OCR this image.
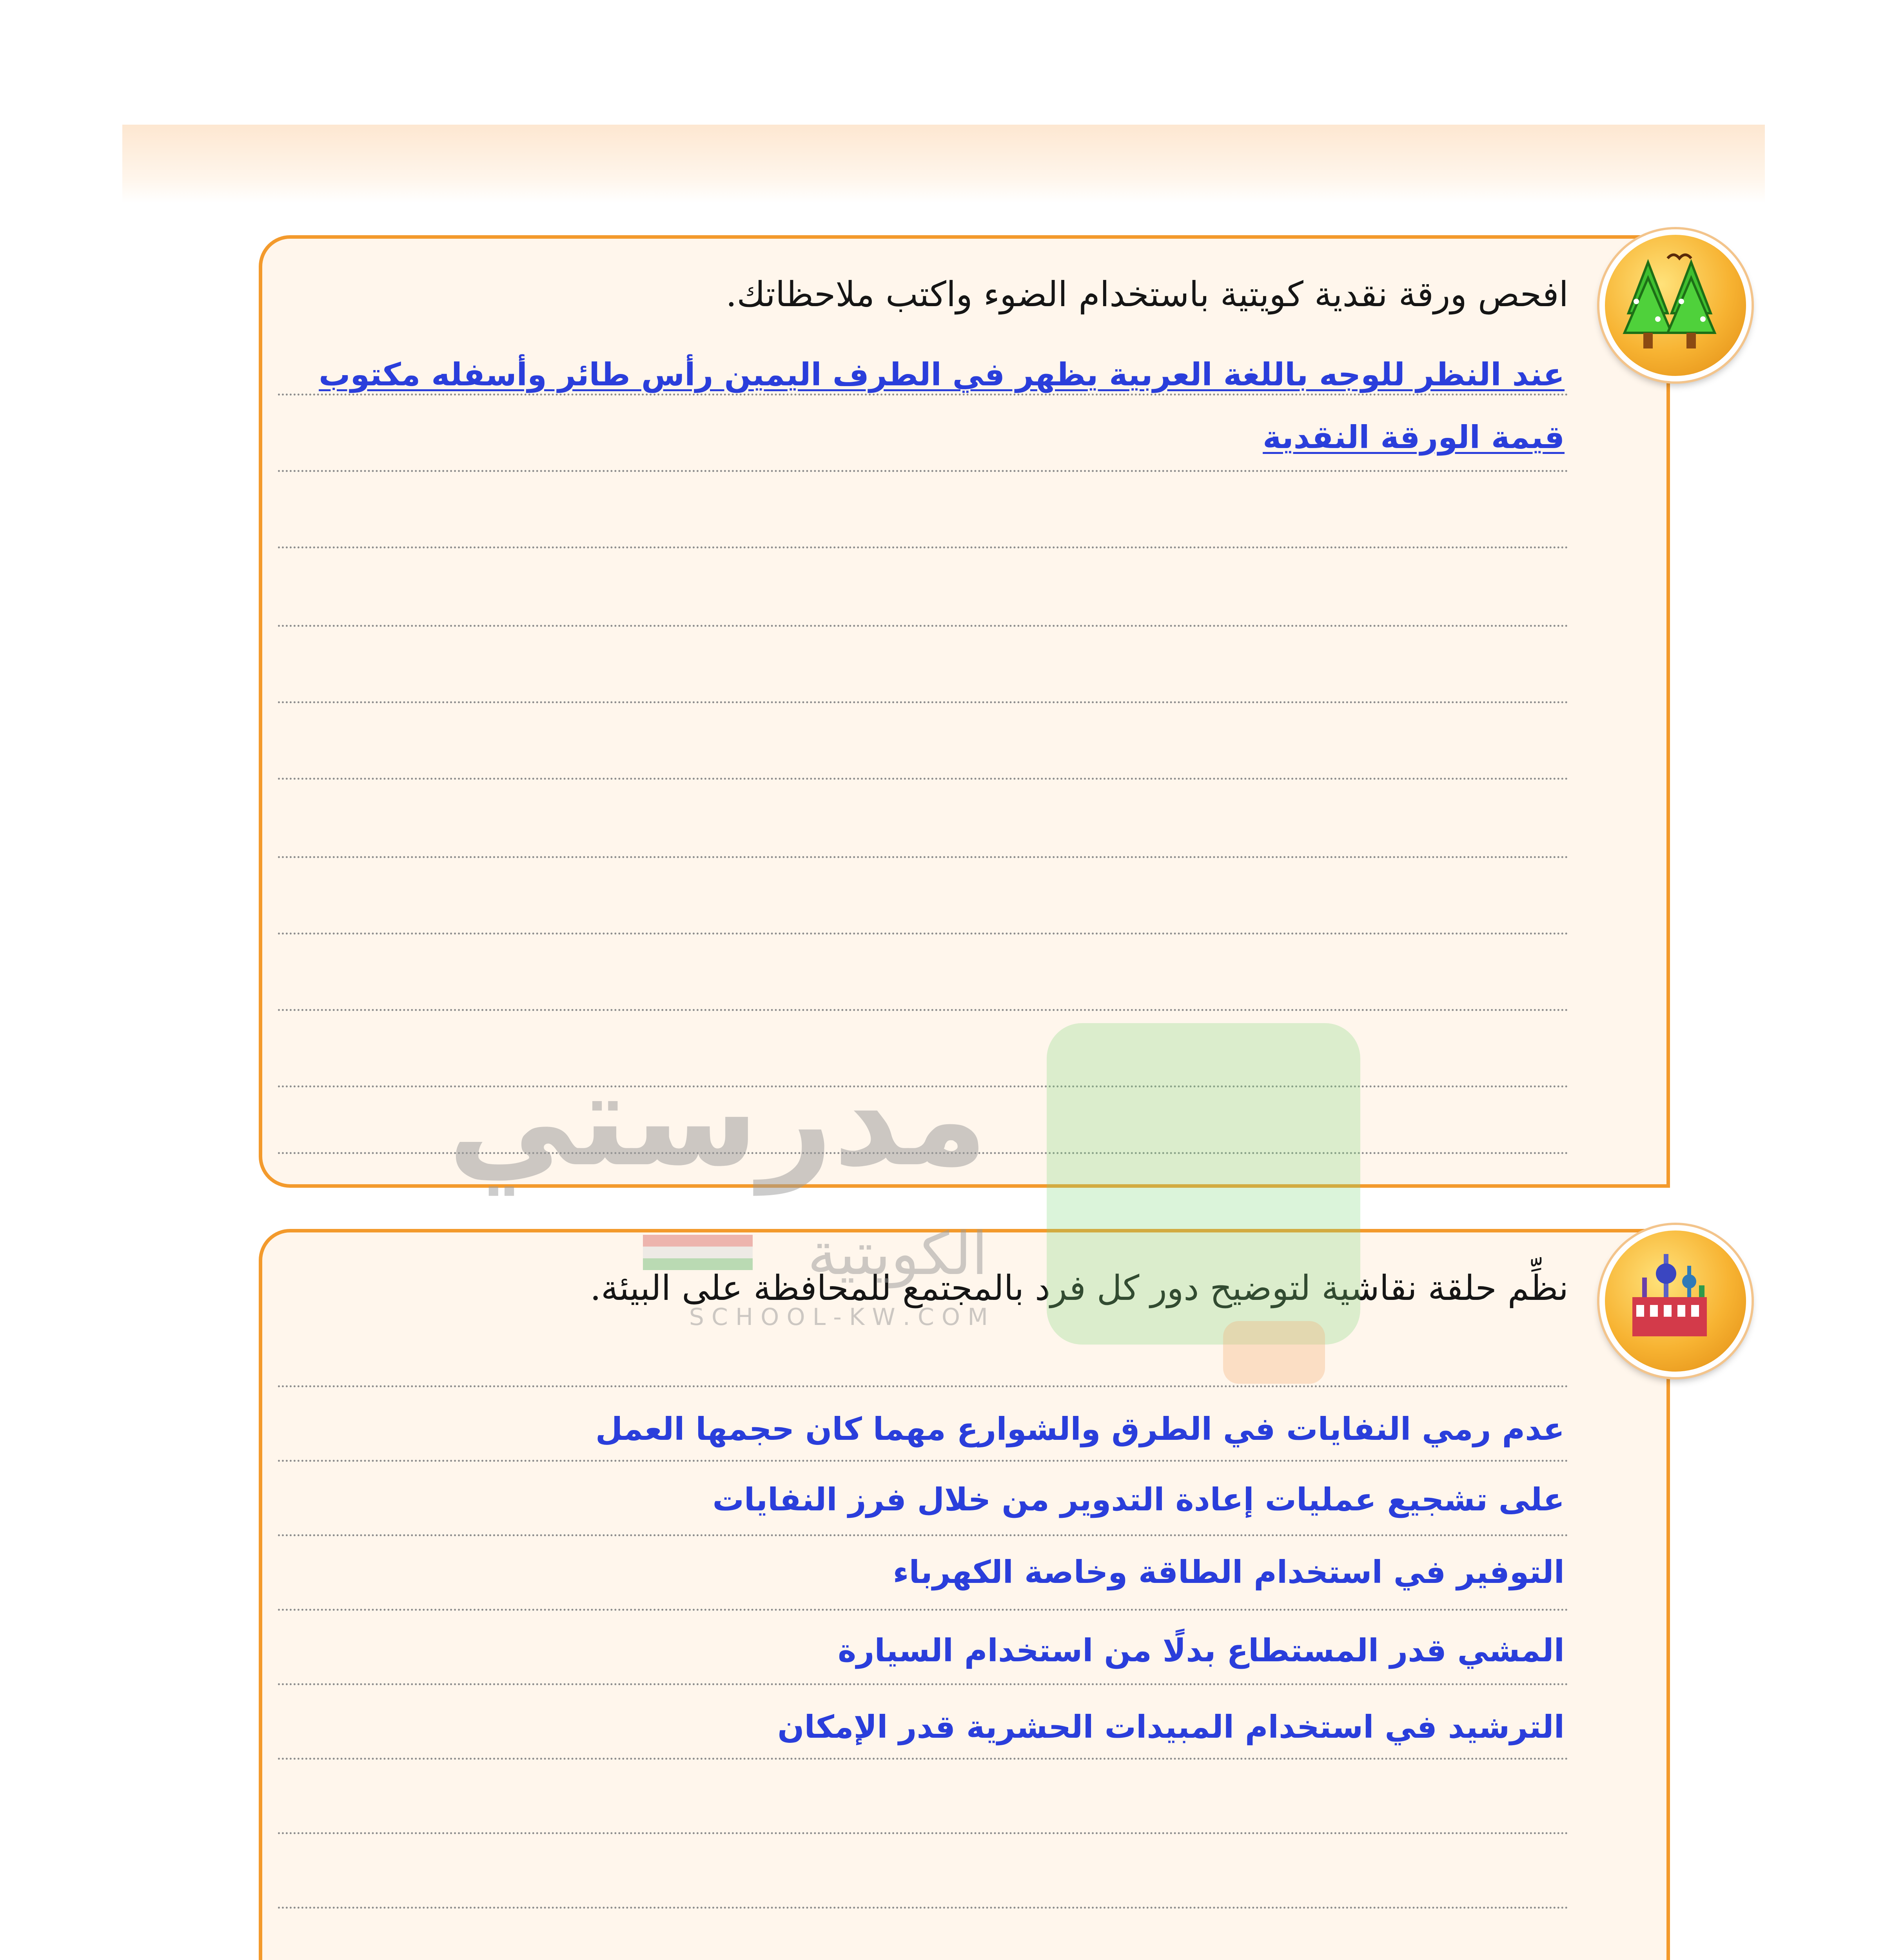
افحص ورقة نقدية كويتية باستخدام الضوء واكتب ملاحظاتك.
عند النظر للوجه باللغة العربية يظهر في الطرف اليمين رأس طائر وأسفله مكتوب
قيمة الورقة النقدية
نظِّم حلقة نقاشية لتوضيح دور كل فرد بالمجتمع للمحافظة على البيئة.
عدم رمي النفايات في الطرق والشوارع مهما كان حجمها العمل
على تشجيع عمليات إعادة التدوير من خلال فرز النفايات
التوفير في استخدام الطاقة وخاصة الكهرباء
المشي قدر المستطاع بدلًا من استخدام السيارة
الترشيد في استخدام المبيدات الحشرية قدر الإمكان
مدرستي
الكويتية
S C H O O L - K W . C O M
